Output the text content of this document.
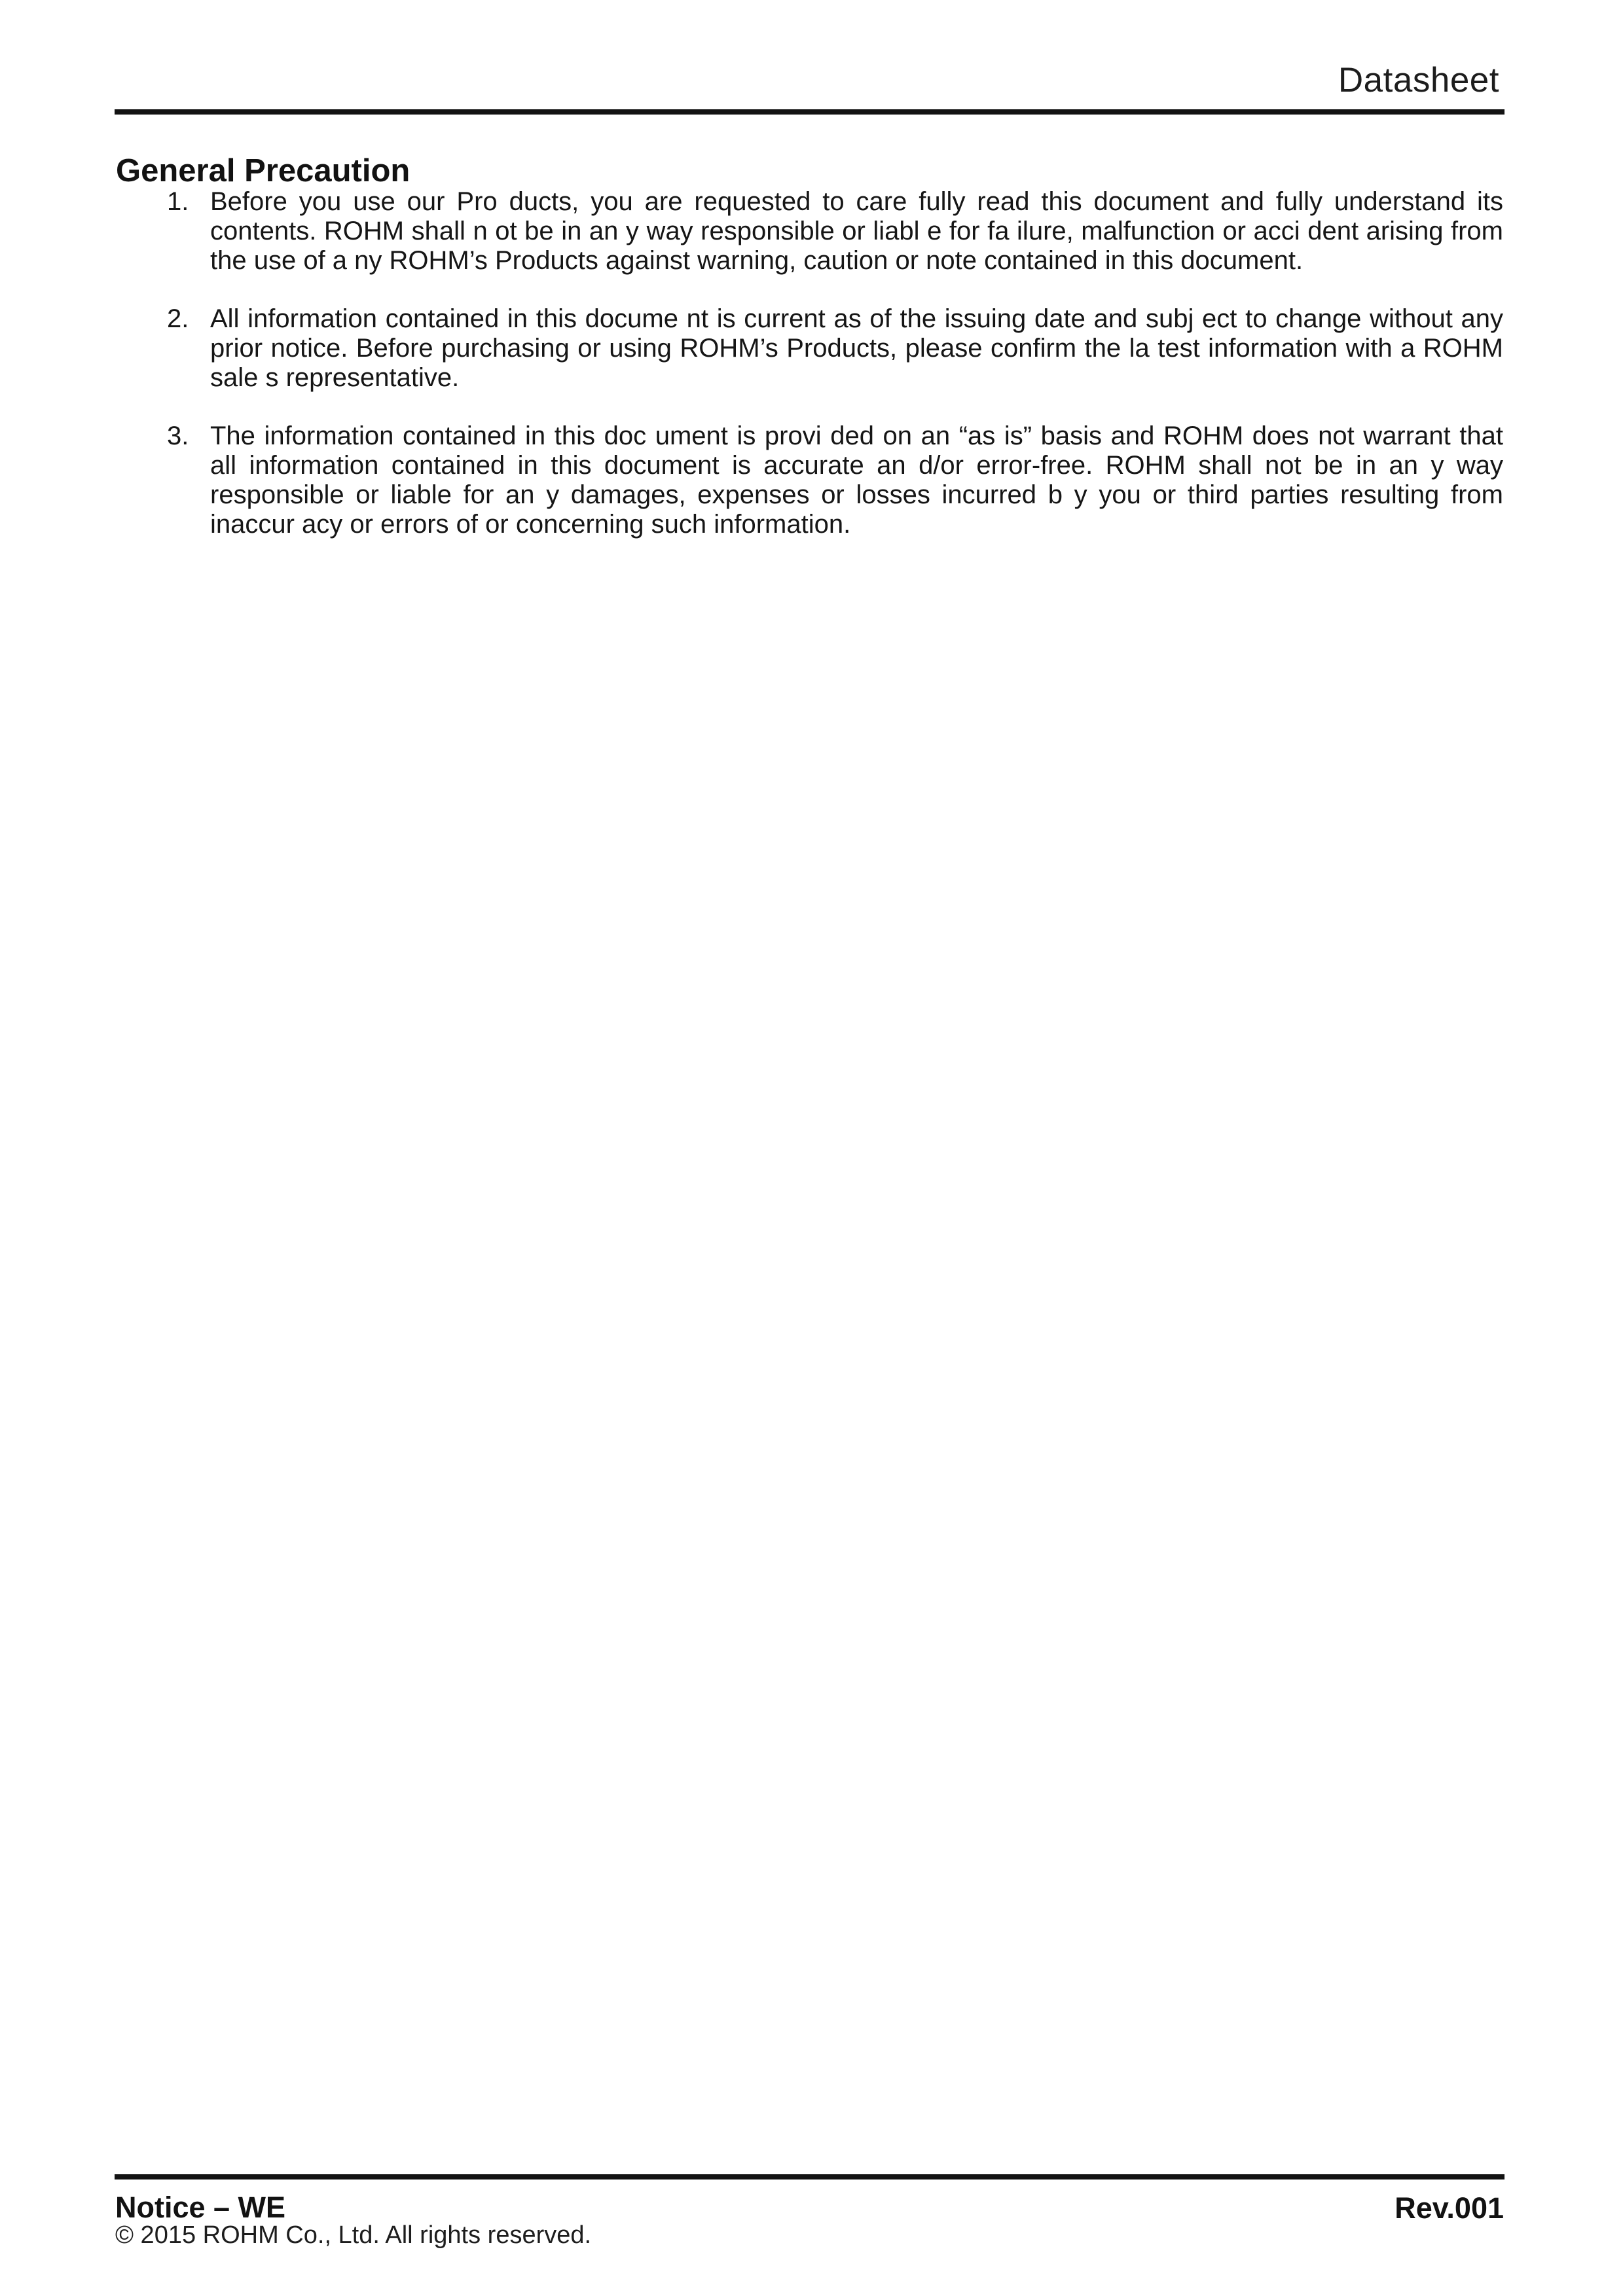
Datasheet
General Precaution
1. Before you use our Pro ducts, you are requested to care fully read this document and fully understand its contents. ROHM shall n ot be in an y way responsible or liabl e for fa ilure, malfunction or acci dent arising from the use of a ny ROHM’s Products against warning, caution or note contained in this document.
2. All information contained in this docume nt is current as of the issuing date and subj ect to change without any prior notice. Before purchasing or using ROHM’s Products, please confirm the la test information with a ROHM sale s representative.
3. The information contained in this doc ument is provi ded on an “as is” basis and ROHM does not warrant that all information contained in this document is accurate an d/or error-free. ROHM shall not be in an y way responsible or liable for an y damages, expenses or losses incurred b y you or third parties resulting from inaccur acy or errors of or concerning such information.
Notice – WE	Rev.001
© 2015 ROHM Co., Ltd. All rights reserved.
